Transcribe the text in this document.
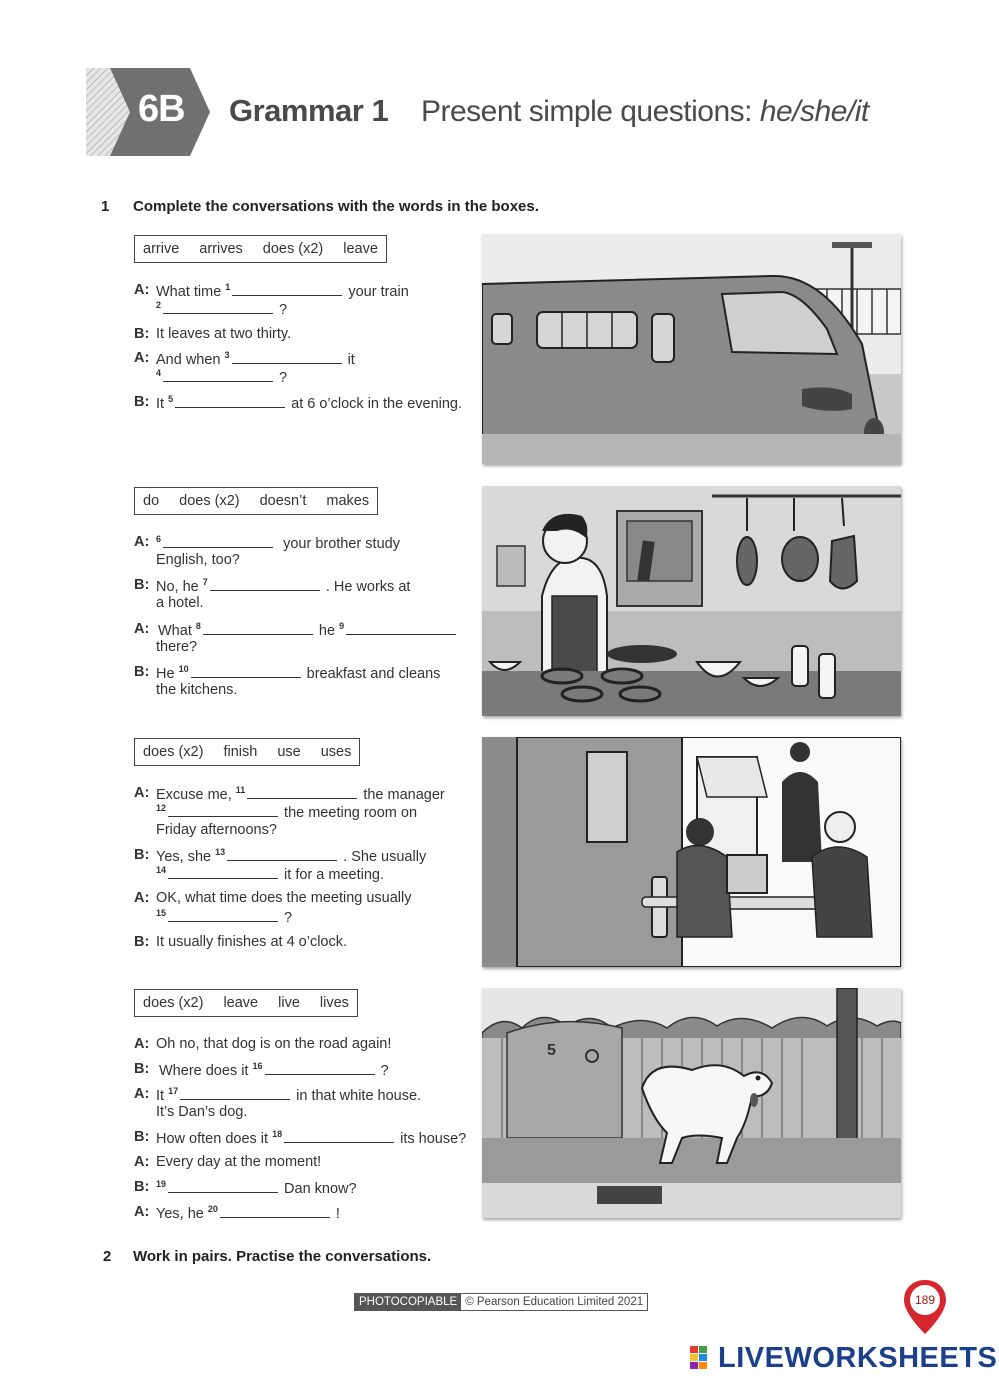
6B Grammar 1 Present simple questions: he/she/it
1 Complete the conversations with the words in the boxes.
arrive arrives does (x2) leave
A: What time $^1$	your train
$^2$	?
B: It leaves at two thirty.
A: And when $^3$	it
$^4$	?
B: It $^5$	at 6 o’clock in the evening.
do does (x2) doesn’t makes
A: $^6$	your brother study
English, too?
B: No, he $^7$	. He works at
a hotel.
A: What $^8$	he $^9$
there?
B: He $^{10}$	breakfast and cleans
the kitchens.
does (x2) finish use uses
A: Excuse me, $^{11}$	the manager
$^{12}$	the meeting room on
Friday afternoons?
B: Yes, she $^{13}$	. She usually
$^{14}$	it for a meeting.
A: OK, what time does the meeting usually
$^{15}$	?
B: It usually finishes at 4 o’clock.
does (x2) leave live lives
A: Oh no, that dog is on the road again!
B: Where does it $^{16}$	?
A: It $^{17}$	in that white house.
It’s Dan’s dog.
B: How often does it $^{18}$	its house?
A: Every day at the moment!
B: $^{19}$	Dan know?
A: Yes, he $^{20}$	!
5
2 Work in pairs. Practise the conversations.
PHOTOCOPIABLE © Pearson Education Limited 2021	189
LIVEWORKSHEETS
